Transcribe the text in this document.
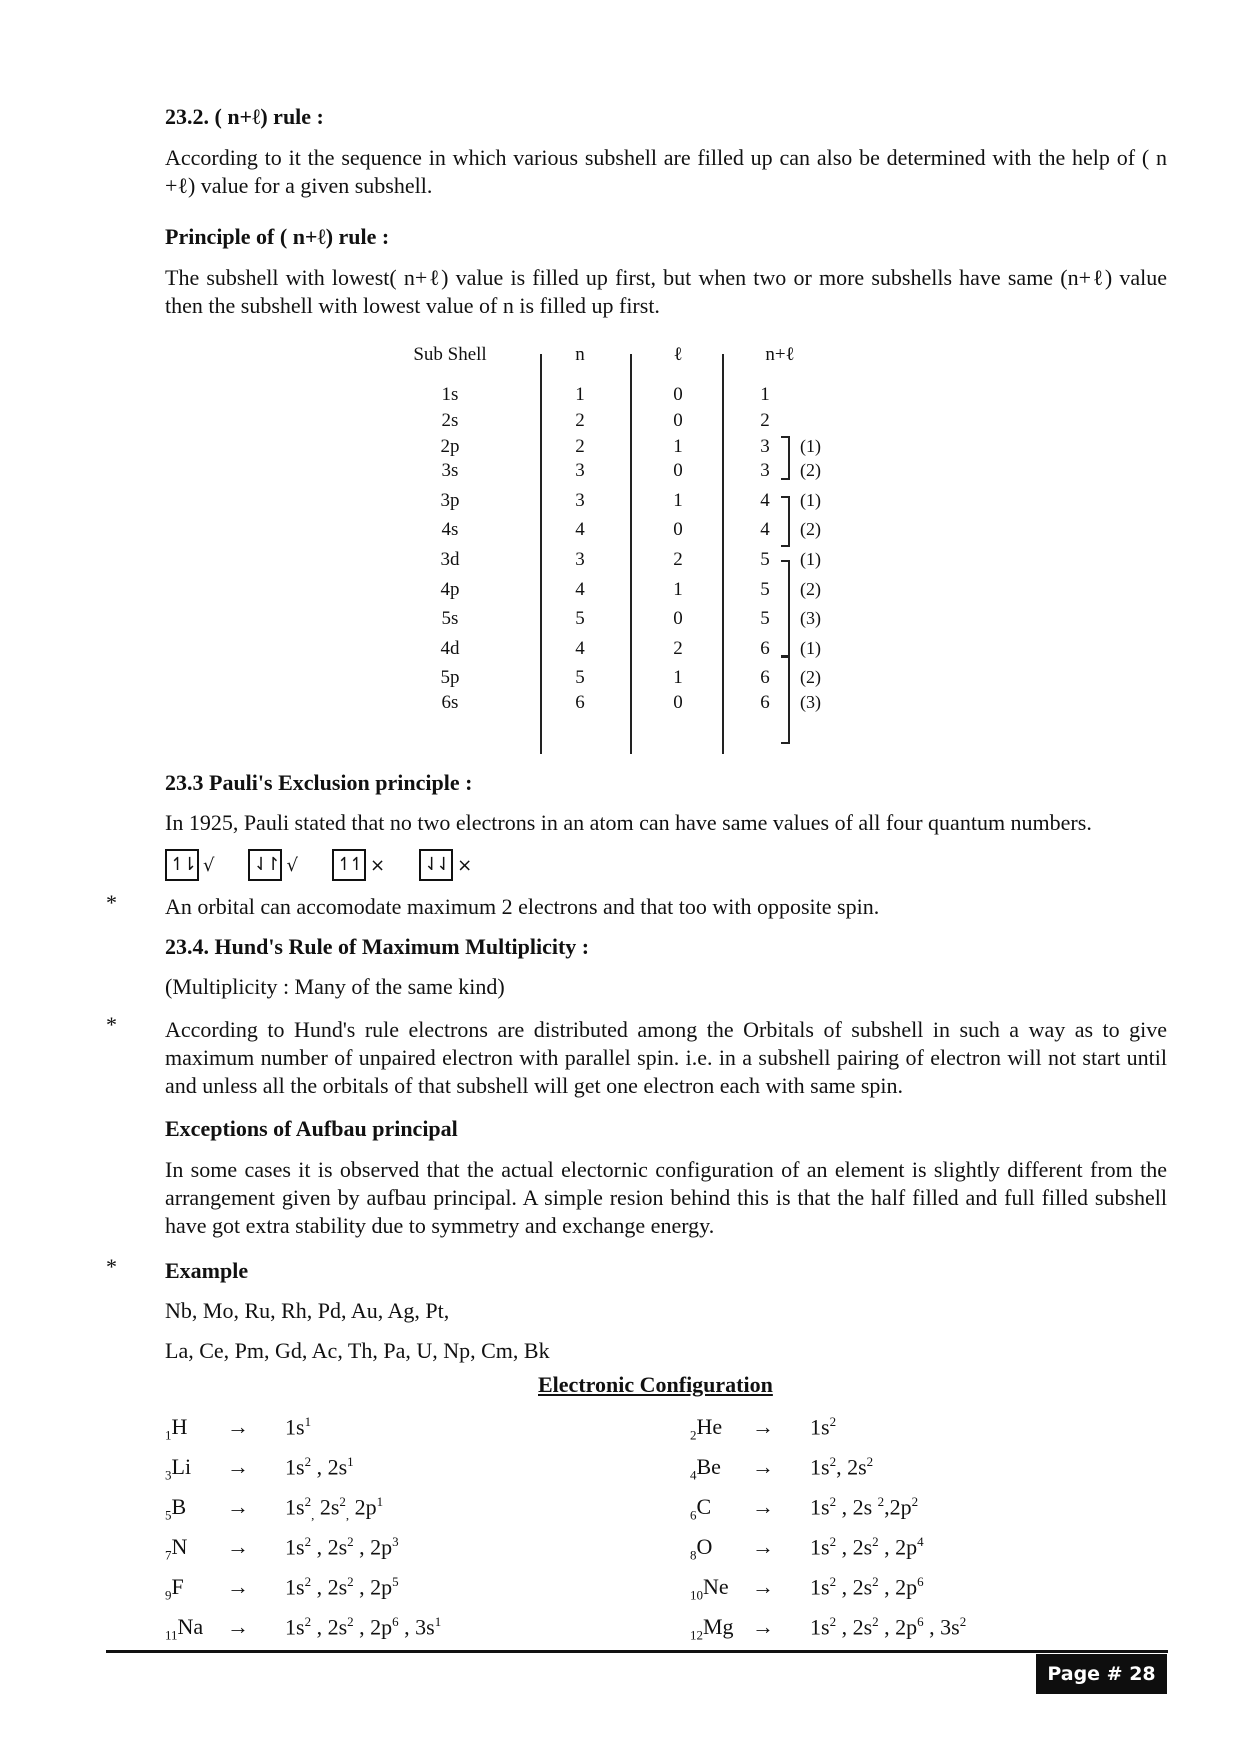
23.2. ( n+ℓ) rule :
According to it the sequence in which various subshell are filled up can also be determined with the help of ( n +ℓ) value for a given subshell.
Principle of ( n+ℓ) rule :
The subshell with lowest( n+ℓ) value is filled up first, but when two or more subshells have same (n+ℓ) value then the subshell with lowest value of n is filled up first.
Sub Shell	n	ℓ	n+ℓ
1s	1	0	1
2s	2	0	2
2p	2	1	3	(1)
3s	3	0	3	(2)
3p	3	1	4	(1)
4s	4	0	4	(2)
3d	3	2	5	(1)
4p	4	1	5	(2)
5s	5	0	5	(3)
4d	4	2	6	(1)
5p	5	1	6	(2)
6s	6	0	6	(3)
23.3 Pauli's Exclusion principle :
In 1925, Pauli stated that no two electrons in an atom can have same values of all four quantum numbers.
↿⇂ √ ⇃↾ √ ↿↿ × ⇃⇃ ×
* An orbital can accomodate maximum 2 electrons and that too with opposite spin.
23.4. Hund's Rule of Maximum Multiplicity :
(Multiplicity : Many of the same kind)
* According to Hund's rule electrons are distributed among the Orbitals of subshell in such a way as to give maximum number of unpaired electron with parallel spin. i.e. in a subshell pairing of electron will not start until and unless all the orbitals of that subshell will get one electron each with same spin.
Exceptions of Aufbau principal
In some cases it is observed that the actual electornic configuration of an element is slightly different from the arrangement given by aufbau principal. A simple resion behind this is that the half filled and full filled subshell have got extra stability due to symmetry and exchange energy.
* Example
Nb, Mo, Ru, Rh, Pd, Au, Ag, Pt,
La, Ce, Pm, Gd, Ac, Th, Pa, U, Np, Cm, Bk
Electronic Configuration
$_1H \to 1s^1$
$_3Li \to 1s^2$ , $2s^1$
$_5B \to 1s^2_,$ $2s^2_,$ $2p^1$
$_7N \to 1s^2$ , $2s^2$ , $2p^3$
$_9F \to 1s^2$ , $2s^2$ , $2p^5$
$_{11}Na \to 1s^2$ , $2s^2$ , $2p^6$ , $3s^1$
$_2He \to 1s^2$
$_4Be \to 1s^2$, $2s^2$
$_6C \to 1s^2$ , 2s $^2,2p^2$
$_8O \to 1s^2$ , $2s^2$ , $2p^4$
$_{10}Ne \to 1s^2$ , $2s^2$ , $2p^6$
$_{12}Mg \to 1s^2$ , $2s^2$ , $2p^6$ , $3s^2$
Page # 28
